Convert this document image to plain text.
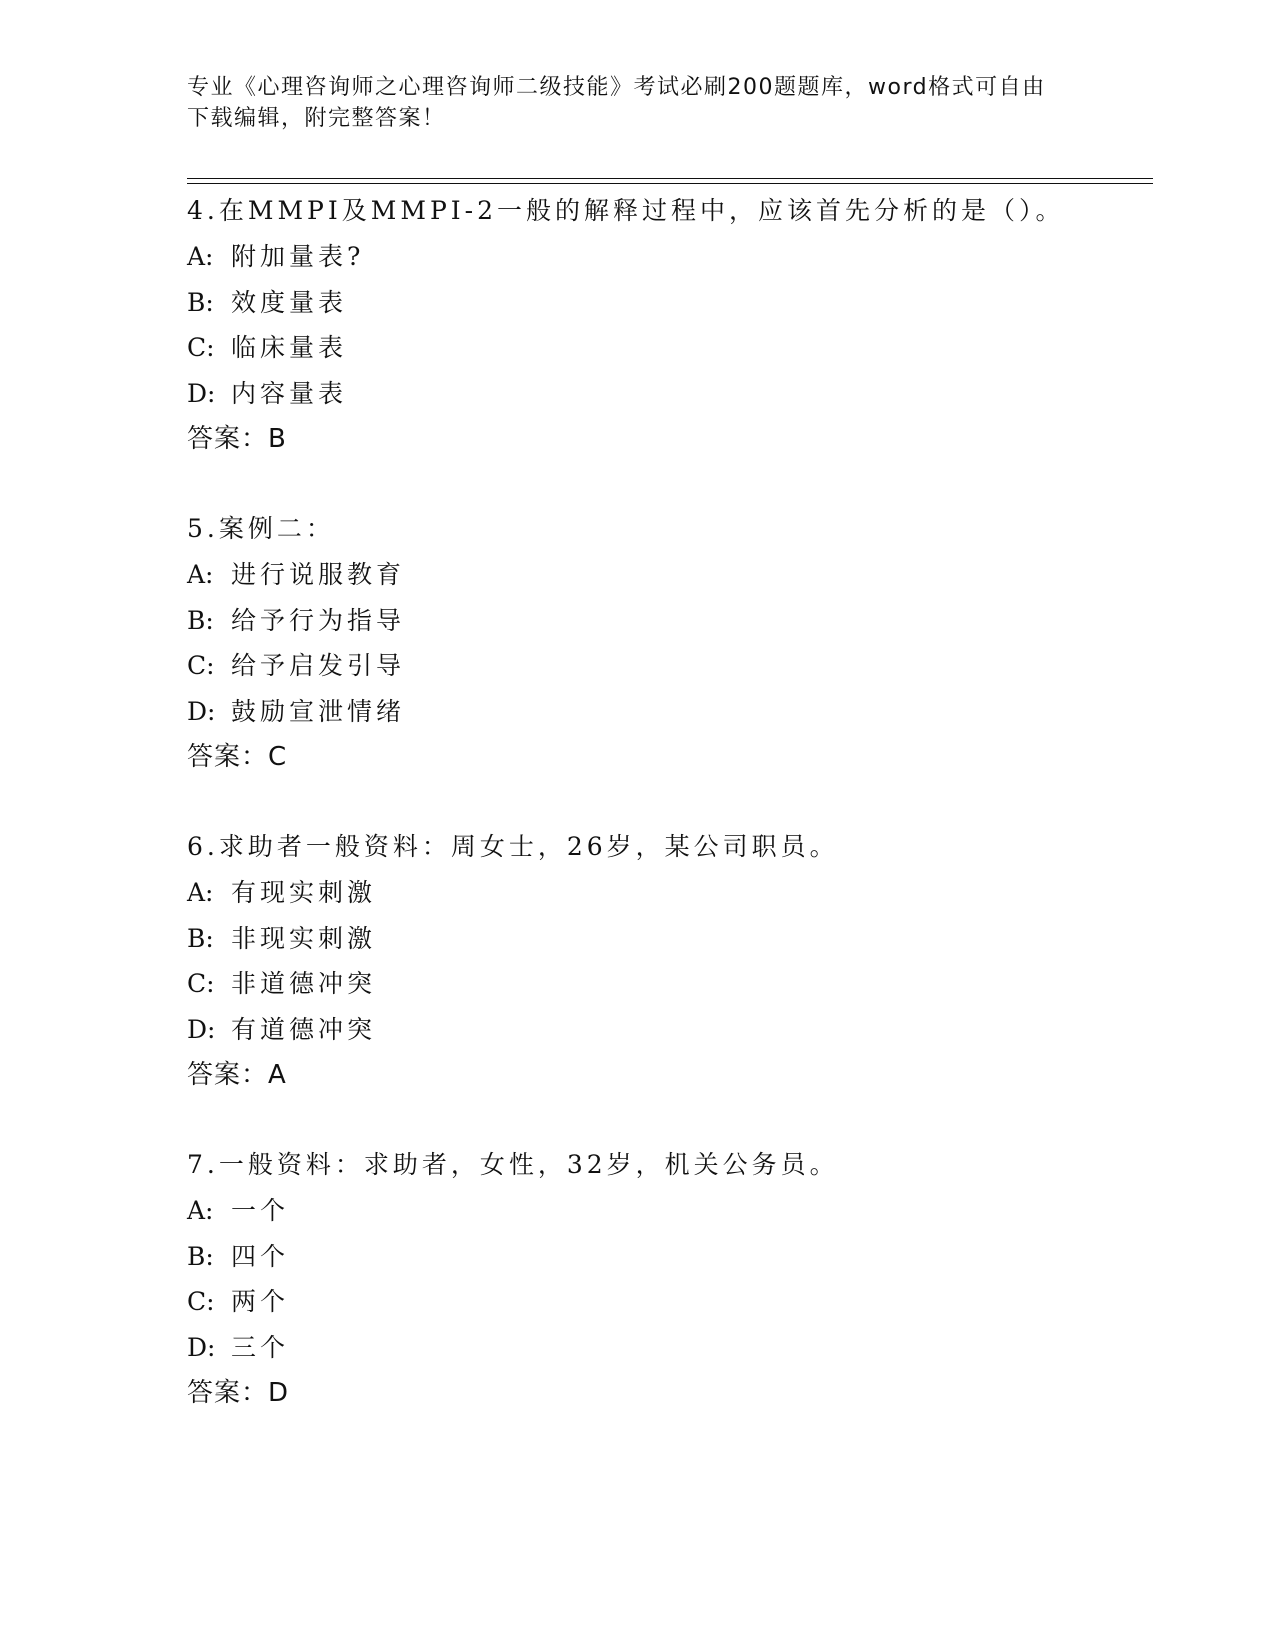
专业《心理咨询师之心理咨询师二级技能》考试必刷200题题库，word格式可自由下载编辑，附完整答案！
4.在MMPI及MMPI-2一般的解释过程中，应该首先分析的是（）。
A: 附加量表?
B: 效度量表
C: 临床量表
D: 内容量表
答案：B
5.案例二：
A: 进行说服教育
B: 给予行为指导
C: 给予启发引导
D: 鼓励宣泄情绪
答案：C
6.求助者一般资料：周女士，26岁，某公司职员。
A: 有现实刺激
B: 非现实刺激
C: 非道德冲突
D: 有道德冲突
答案：A
7.一般资料：求助者，女性，32岁，机关公务员。
A: 一个
B: 四个
C: 两个
D: 三个
答案：D
